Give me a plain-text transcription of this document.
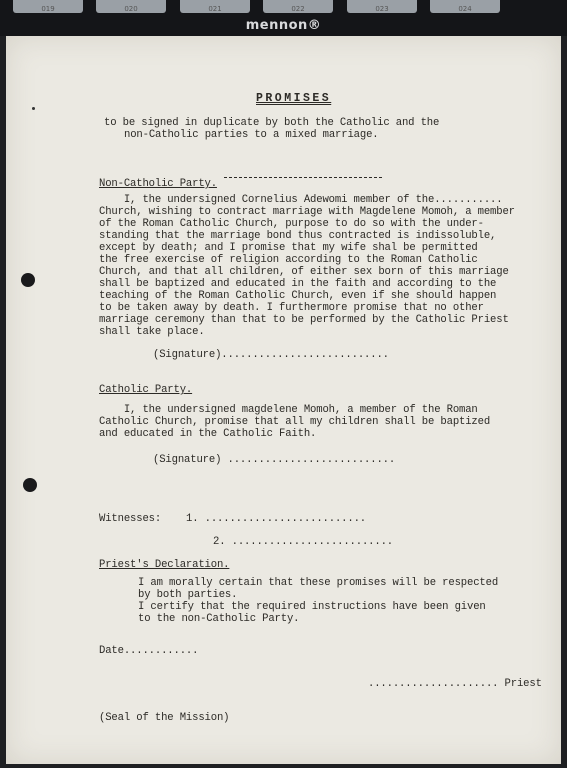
019	020	021	022	023	024
mennon®
PROMISES
to be signed in duplicate by both the Catholic and the
non-Catholic parties to a mixed marriage.
Non-Catholic Party.
I, the undersigned Cornelius Adewomi member of the...........
Church, wishing to contract marriage with Magdelene Momoh, a member
of the Roman Catholic Church, purpose to do so with the under-
standing that the marriage bond thus contracted is indissoluble,
except by death; and I promise that my wife shal be permitted
the free exercise of religion according to the Roman Catholic
Church, and that all children, of either sex born of this marriage
shall be baptized and educated in the faith and according to the
teaching of the Roman Catholic Church, even if she should happen
to be taken away by death. I furthermore promise that no other
marriage ceremony than that to be performed by the Catholic Priest
shall take place.
(Signature)...........................
Catholic Party.
I, the undersigned magdelene Momoh, a member of the Roman
Catholic Church, promise that all my children shall be baptized
and educated in the Catholic Faith.
(Signature) ...........................
Witnesses: 1. ..........................
2. ..........................
Priest's Declaration.
I am morally certain that these promises will be respected
by both parties.
I certify that the required instructions have been given
to the non-Catholic Party.
Date............
..................... Priest
(Seal of the Mission)
